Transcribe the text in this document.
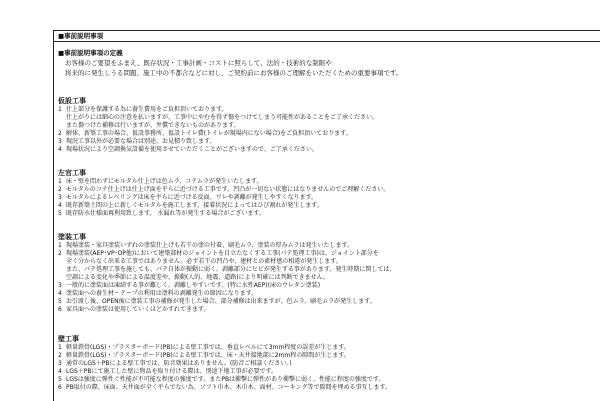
■事前説明事項
■事前説明事項の定義
お客様のご要望をふまえ、既存状況・工事計画・コストに照らして、法的・技術的な制限や
将来的に発生しうる問題、施工中の不都合などに対し、ご契約前にお客様のご理解をいただくための重要事項です。
仮設工事
1 仕上部分を保護する為に養生費用をご負担頂いております。
仕上がりには細心の注意を払いますが、工事中にやむを得ず傷をつけてしまう可能性があることをご了承ください。
また傷つけた補修は行いますが、弁償できないものがあります。
2 解体、新築工事の場合、仮設事務所、仮設トイレ費(トイレが現場内にない場合)をご負担頂いております。
3 現況工事以外が必要な場合は別途、お見積り致します。
4 現場状況により空調換気設備を使用させていただくことがございますので、ご了承ください。
左官工事
1 床・壁を問わずにモルタル仕上げは色ムラ、コテムラが発生いたします。
2 モルタルのコテ仕上げは仕上げ面を平らに近づける工事です。凹凸が一切ない状態にはなりませんのでご理解ください。
3 モルタルによるレベリングは床を平らに近づける反面、ワレや剥離が発生しやすくなります。
4 既存新築土間の上に新しくモルタルを施工します。接着状況によってはひび割れが発生します。
5 既存防水仕様面再利用致します。 水漏れ等が発生する場合がございます。
塗装工事
1 現場塗装・家具塗装いずれの塗装仕上げも若干の塗の付着、刷毛ムラ、塗装の厚みムラは発生いたします。
2 現場塗装(AEP･VP･OP他)において建築部材のジョイントを目立たなくする工事(パテ処理工事)は、ジョイント部分を
全く分からなく出来る工事ではありません。必ず若干の凹凸や、建材との素材感の相違が発生します。
また、パテ処理工事を施しても、パテ自体が振動に弱く、剥離部分にヒビが発生する事があります。発生時期に関しては、
空調による変化や季節による温度差や、振動(人的、地震、道路)により明確には判断できません。
3 一般的に塗装面は凍結する事が難しく、剥離しやすいです。(特に水性AEP)(床のウレタン塗装)
4 塗装面への養生材・テープの利用は塗料の剥離発生の原因になります。
5 お引渡し後、OPEN後に塗装工事の補修が発生した場合、部分補修は出来ますが、色ムラ、刷毛ムラが発生します。
6 家具面への塗装は使用していくほどかすれてきます。
壁工事
1 軽量鉄骨(LGS)・プラスターボード(PB)による壁工事では、垂直レベルにて3mm程度の誤差が生じます。
2 軽量鉄骨(LGS)・プラスターボード(PB)による壁工事では、床・天井接地部に2mm程の隙間が生じます。
3 通常のLGS＋PBによる壁工事では、防音効果はありません。(防音ご相談ください。)
4 LGS＋PBにて施工した壁に物品を取り付ける際は、別途下地工事が必要です。
5 LGSは強度に弾性ぐ性能が不可能な程度の強度です。またPBは衝撃に弾性があり衝撃に弱く、性能に程度の強度です。
6 PB取付の際、床面、天井面が全く平らでない為、ソフト巾木、木巾木、面材、コーキング等で隙間を埋める事互します。
